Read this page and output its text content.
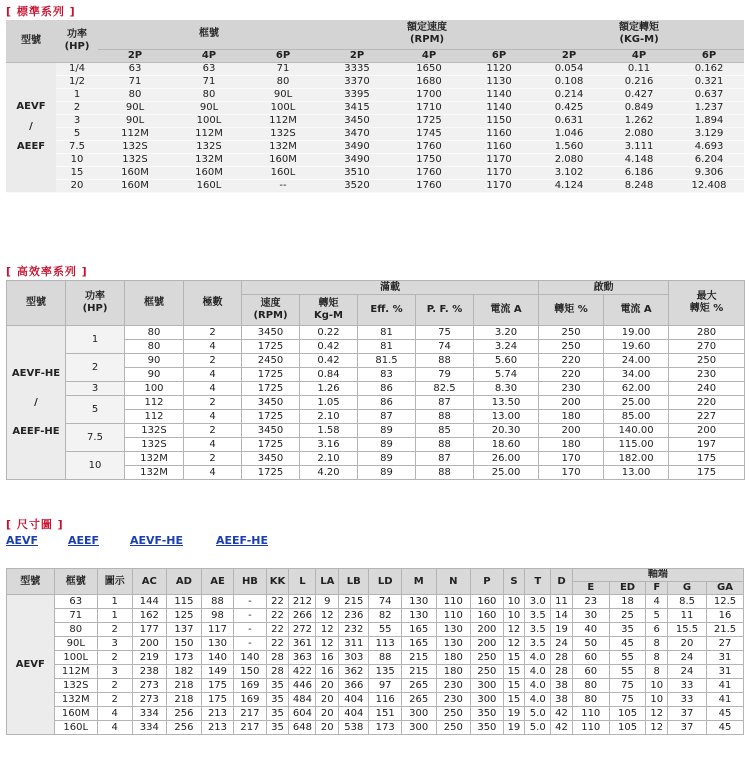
[ 標準系列 ]
型號	功率
(HP)	框號			額定速度
(RPM)			額定轉矩
(KG-M)		
		2P	4P	6P	2P	4P	6P	2P	4P	6P

AEVF
/
AEEF	1/4	63	63	71	3335	1650	1120	0.054	0.11	0.162
	1/2	71	71	80	3370	1680	1130	0.108	0.216	0.321
	1	80	80	90L	3395	1700	1140	0.214	0.427	0.637
	2	90L	90L	100L	3415	1710	1140	0.425	0.849	1.237
	3	90L	100L	112M	3450	1725	1150	0.631	1.262	1.894
	5	112M	112M	132S	3470	1745	1160	1.046	2.080	3.129
	7.5	132S	132S	132M	3490	1760	1160	1.560	3.111	4.693
	10	132S	132M	160M	3490	1750	1170	2.080	4.148	6.204
	15	160M	160M	160L	3510	1760	1170	3.102	6.186	9.306
	20	160M	160L	--	3520	1760	1170	4.124	8.248	12.408
[ 高效率系列 ]
型號	功率
(HP)	框號	極數	滿載					啟動		最大
轉矩 %
				速度
(RPM)	轉矩
Kg-M	Eff. %	P. F. %	電流 A	轉矩 %	電流 A	

AEVF-HE
/
AEEF-HE	1	80	2	3450	0.22	81	75	3.20	250	19.00	280
		80	4	1725	0.42	81	74	3.24	250	19.60	270
	2	90	2	2450	0.42	81.5	88	5.60	220	24.00	250
		90	4	1725	0.84	83	79	5.74	220	34.00	230
	3	100	4	1725	1.26	86	82.5	8.30	230	62.00	240
	5	112	2	3450	1.05	86	87	13.50	200	25.00	220
		112	4	1725	2.10	87	88	13.00	180	85.00	227
	7.5	132S	2	3450	1.58	89	85	20.30	200	140.00	200
		132S	4	1725	3.16	89	88	18.60	180	115.00	197
	10	132M	2	3450	2.10	89	87	26.00	170	182.00	175
		132M	4	1725	4.20	89	88	25.00	170	13.00	175
[ 尺寸圖 ]
AEVF	AEEF	AEVF-HE	AEEF-HE
型號	框號	圖示	AC	AD	AE	HB	KK	L	LA	LB	LD	M	N	P	S	T	D	軸端				
																		E	ED	F	G	GA
AEVF	63	1	144	115	88	-	22	212	9	215	74	130	110	160	10	3.0	11	23	18	4	8.5	12.5
	71	1	162	125	98	-	22	266	12	236	82	130	110	160	10	3.5	14	30	25	5	11	16
	80	2	177	137	117	-	22	272	12	232	55	165	130	200	12	3.5	19	40	35	6	15.5	21.5
	90L	3	200	150	130	-	22	361	12	311	113	165	130	200	12	3.5	24	50	45	8	20	27
	100L	2	219	173	140	140	28	363	16	303	88	215	180	250	15	4.0	28	60	55	8	24	31
	112M	3	238	182	149	150	28	422	16	362	135	215	180	250	15	4.0	28	60	55	8	24	31
	132S	2	273	218	175	169	35	446	20	366	97	265	230	300	15	4.0	38	80	75	10	33	41
	132M	2	273	218	175	169	35	484	20	404	116	265	230	300	15	4.0	38	80	75	10	33	41
	160M	4	334	256	213	217	35	604	20	404	151	300	250	350	19	5.0	42	110	105	12	37	45
	160L	4	334	256	213	217	35	648	20	538	173	300	250	350	19	5.0	42	110	105	12	37	45
